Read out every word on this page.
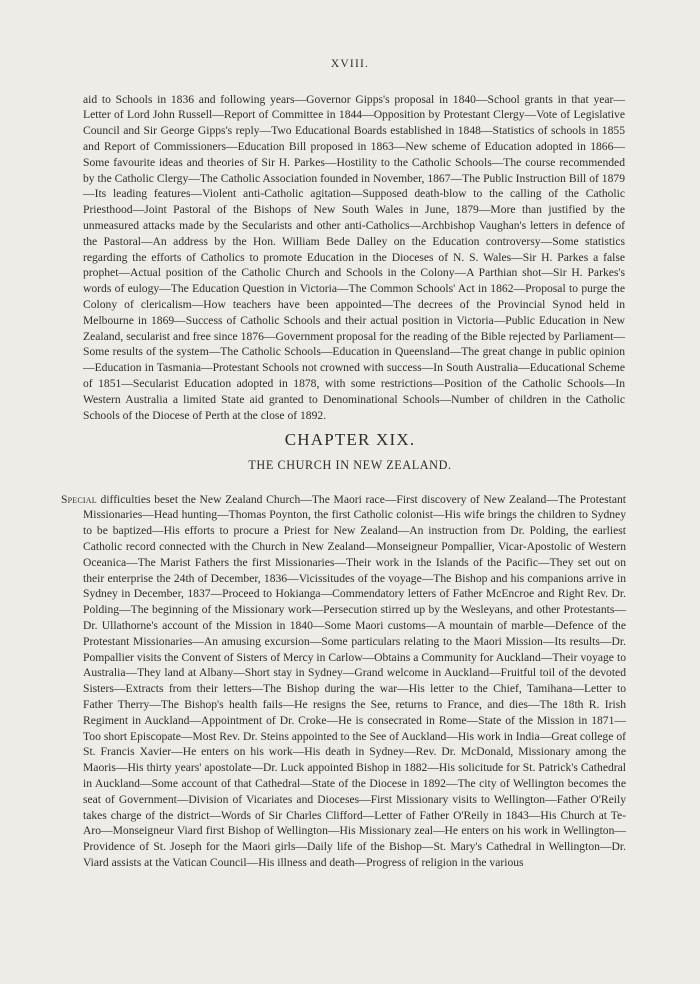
XVIII.

aid to Schools in 1836 and following years—Governor Gipps's proposal in 1840—School grants in that year—Letter of Lord John Russell—Report of Committee in 1844—Opposition by Protestant Clergy—Vote of Legislative Council and Sir George Gipps's reply—Two Educational Boards established in 1848—Statistics of schools in 1855 and Report of Commissioners—Education Bill proposed in 1863—New scheme of Education adopted in 1866—Some favourite ideas and theories of Sir H. Parkes—Hostility to the Catholic Schools—The course recommended by the Catholic Clergy—The Catholic Association founded in November, 1867—The Public Instruction Bill of 1879—Its leading features—Violent anti-Catholic agitation—Supposed death-blow to the calling of the Catholic Priesthood—Joint Pastoral of the Bishops of New South Wales in June, 1879—More than justified by the unmeasured attacks made by the Secularists and other anti-Catholics—Archbishop Vaughan's letters in defence of the Pastoral—An address by the Hon. William Bede Dalley on the Education controversy—Some statistics regarding the efforts of Catholics to promote Education in the Dioceses of N. S. Wales—Sir H. Parkes a false prophet—Actual position of the Catholic Church and Schools in the Colony—A Parthian shot—Sir H. Parkes's words of eulogy—The Education Question in Victoria—The Common Schools' Act in 1862—Proposal to purge the Colony of clericalism—How teachers have been appointed—The decrees of the Provincial Synod held in Melbourne in 1869—Success of Catholic Schools and their actual position in Victoria—Public Education in New Zealand, secularist and free since 1876—Government proposal for the reading of the Bible rejected by Parliament—Some results of the system—The Catholic Schools—Education in Queensland—The great change in public opinion—Education in Tasmania—Protestant Schools not crowned with success—In South Australia—Educational Scheme of 1851—Secularist Education adopted in 1878, with some restrictions—Position of the Catholic Schools—In Western Australia a limited State aid granted to Denominational Schools—Number of children in the Catholic Schools of the Diocese of Perth at the close of 1892.

CHAPTER XIX.
THE CHURCH IN NEW ZEALAND.

Special difficulties beset the New Zealand Church—The Maori race—First discovery of New Zealand—The Protestant Missionaries—Head hunting—Thomas Poynton, the first Catholic colonist—His wife brings the children to Sydney to be baptized—His efforts to procure a Priest for New Zealand—An instruction from Dr. Polding, the earliest Catholic record connected with the Church in New Zealand—Monseigneur Pompallier, Vicar-Apostolic of Western Oceanica—The Marist Fathers the first Missionaries—Their work in the Islands of the Pacific—They set out on their enterprise the 24th of December, 1836—Vicissitudes of the voyage—The Bishop and his companions arrive in Sydney in December, 1837—Proceed to Hokianga—Commendatory letters of Father McEncroe and Right Rev. Dr. Polding—The beginning of the Missionary work—Persecution stirred up by the Wesleyans, and other Protestants—Dr. Ullathorne's account of the Mission in 1840—Some Maori customs—A mountain of marble—Defence of the Protestant Missionaries—An amusing excursion—Some particulars relating to the Maori Mission—Its results—Dr. Pompallier visits the Convent of Sisters of Mercy in Carlow—Obtains a Community for Auckland—Their voyage to Australia—They land at Albany—Short stay in Sydney—Grand welcome in Auckland—Fruitful toil of the devoted Sisters—Extracts from their letters—The Bishop during the war—His letter to the Chief, Tamihana—Letter to Father Therry—The Bishop's health fails—He resigns the See, returns to France, and dies—The 18th R. Irish Regiment in Auckland—Appointment of Dr. Croke—He is consecrated in Rome—State of the Mission in 1871—Too short Episcopate—Most Rev. Dr. Steins appointed to the See of Auckland—His work in India—Great college of St. Francis Xavier—He enters on his work—His death in Sydney—Rev. Dr. McDonald, Missionary among the Maoris—His thirty years' apostolate—Dr. Luck appointed Bishop in 1882—His solicitude for St. Patrick's Cathedral in Auckland—Some account of that Cathedral—State of the Diocese in 1892—The city of Wellington becomes the seat of Government—Division of Vicariates and Dioceses—First Missionary visits to Wellington—Father O'Reily takes charge of the district—Words of Sir Charles Clifford—Letter of Father O'Reily in 1843—His Church at Te-Aro—Monseigneur Viard first Bishop of Wellington—His Missionary zeal—He enters on his work in Wellington—Providence of St. Joseph for the Maori girls—Daily life of the Bishop—St. Mary's Cathedral in Wellington—Dr. Viard assists at the Vatican Council—His illness and death—Progress of religion in the various
